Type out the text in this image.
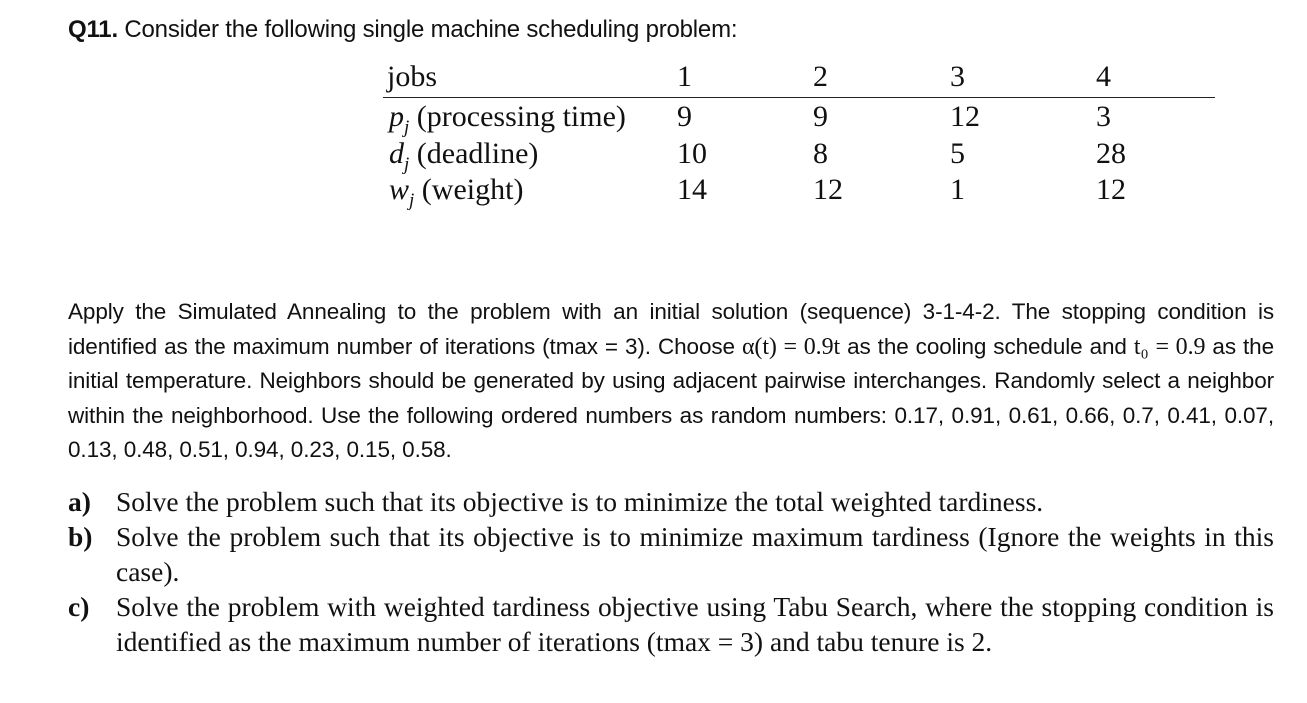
Q11. Consider the following single machine scheduling problem:
jobs	1	2	3	4
$p_j$ (processing time) 9	9	12	3
$d_j$ (deadline)	10	8	5	28
$w_j$ (weight)	14	12	1	12
Apply the Simulated Annealing to the problem with an initial solution (sequence) 3-1-4-2. The stopping condition is identified as the maximum number of iterations (tmax = 3). Choose α(t) = 0.9t as the cooling schedule and t₀ = 0.9 as the initial temperature. Neighbors should be generated by using adjacent pairwise interchanges. Randomly select a neighbor within the neighborhood. Use the following ordered numbers as random numbers: 0.17, 0.91, 0.61, 0.66, 0.7, 0.41, 0.07, 0.13, 0.48, 0.51, 0.94, 0.23, 0.15, 0.58.
a) Solve the problem such that its objective is to minimize the total weighted tardiness.
b) Solve the problem such that its objective is to minimize maximum tardiness (Ignore the weights in this case).
c) Solve the problem with weighted tardiness objective using Tabu Search, where the stopping condition is identified as the maximum number of iterations (tmax = 3) and tabu tenure is 2.
